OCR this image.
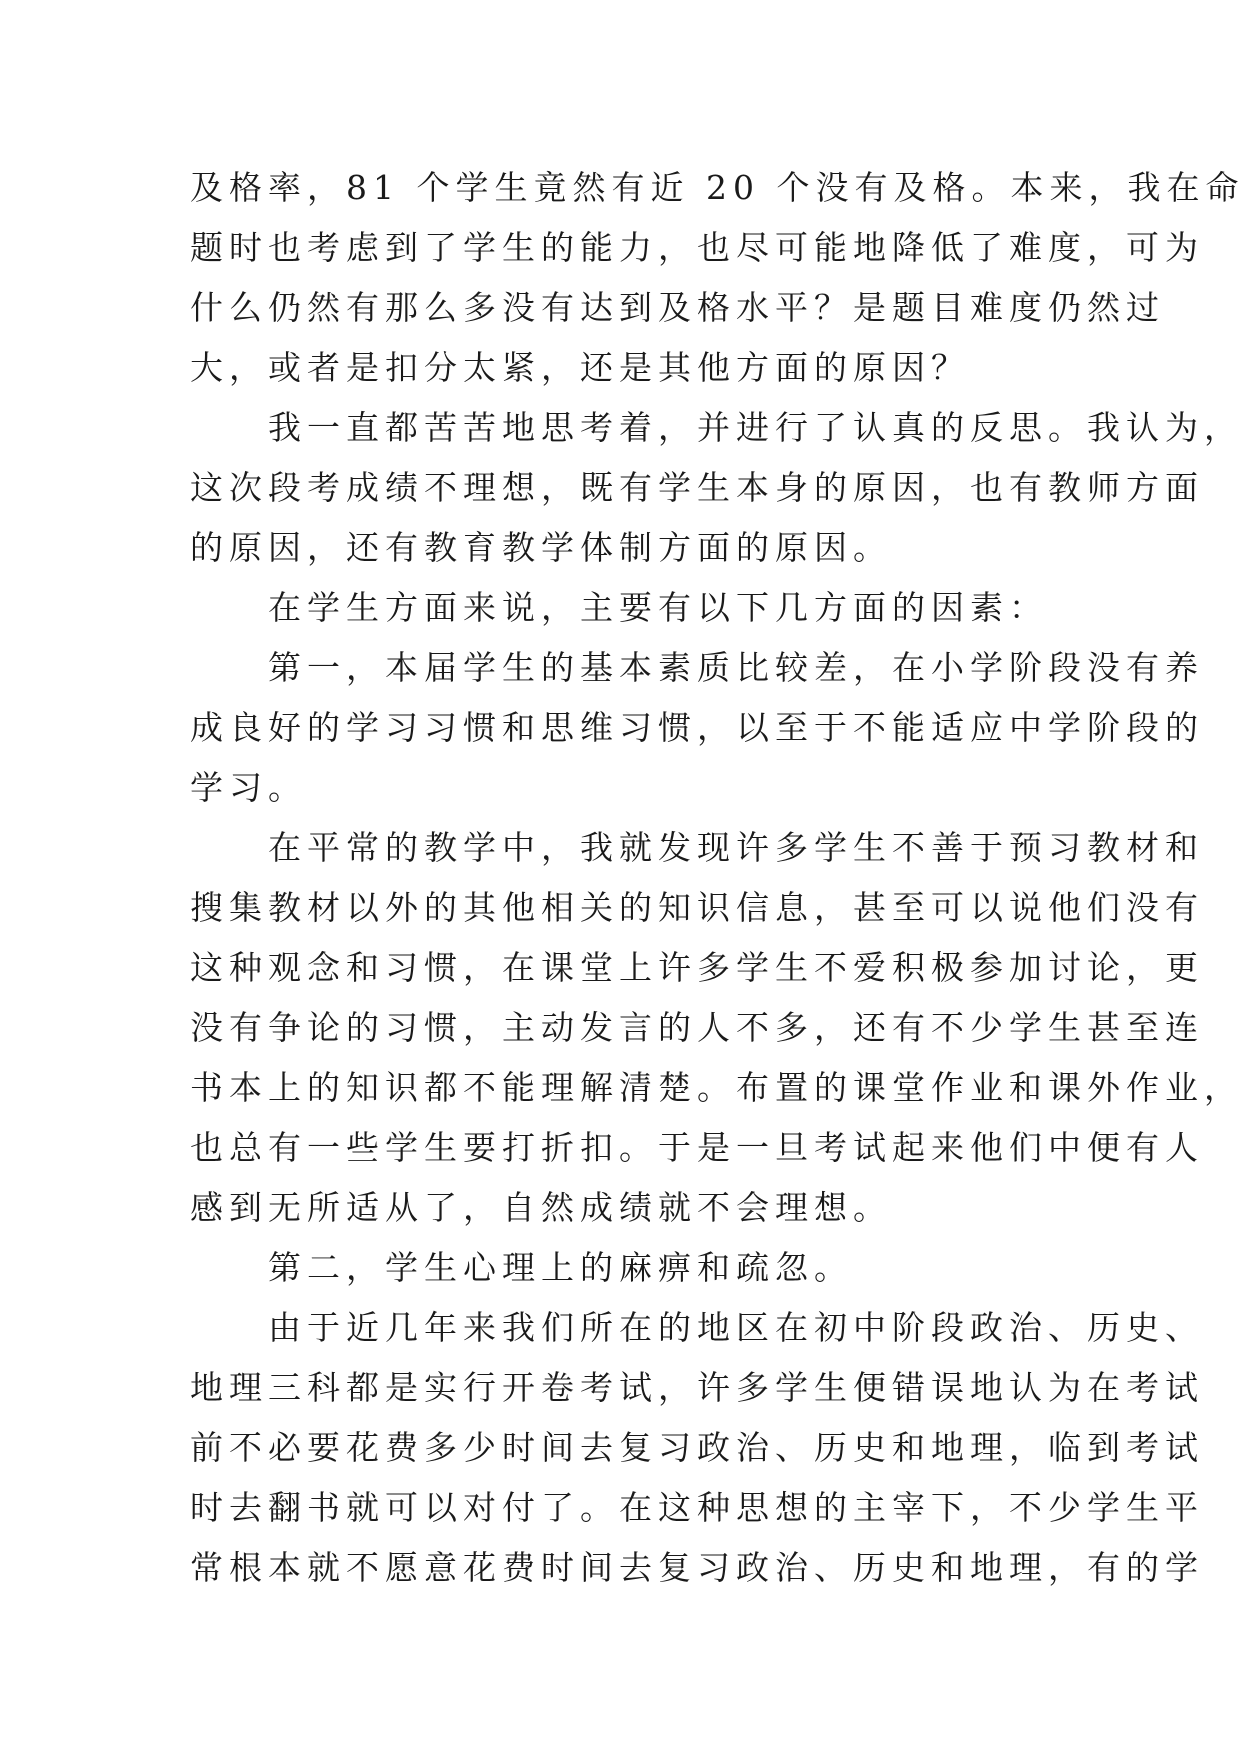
及格率，81 个学生竟然有近 20 个没有及格。本来，我在命
题时也考虑到了学生的能力，也尽可能地降低了难度，可为
什么仍然有那么多没有达到及格水平？是题目难度仍然过
大，或者是扣分太紧，还是其他方面的原因？
　　我一直都苦苦地思考着，并进行了认真的反思。我认为，
这次段考成绩不理想，既有学生本身的原因，也有教师方面
的原因，还有教育教学体制方面的原因。
　　在学生方面来说，主要有以下几方面的因素：
　　第一，本届学生的基本素质比较差，在小学阶段没有养
成良好的学习习惯和思维习惯，以至于不能适应中学阶段的
学习。
　　在平常的教学中，我就发现许多学生不善于预习教材和
搜集教材以外的其他相关的知识信息，甚至可以说他们没有
这种观念和习惯，在课堂上许多学生不爱积极参加讨论，更
没有争论的习惯，主动发言的人不多，还有不少学生甚至连
书本上的知识都不能理解清楚。布置的课堂作业和课外作业，
也总有一些学生要打折扣。于是一旦考试起来他们中便有人
感到无所适从了，自然成绩就不会理想。
　　第二，学生心理上的麻痹和疏忽。
　　由于近几年来我们所在的地区在初中阶段政治、历史、
地理三科都是实行开卷考试，许多学生便错误地认为在考试
前不必要花费多少时间去复习政治、历史和地理，临到考试
时去翻书就可以对付了。在这种思想的主宰下，不少学生平
常根本就不愿意花费时间去复习政治、历史和地理，有的学
